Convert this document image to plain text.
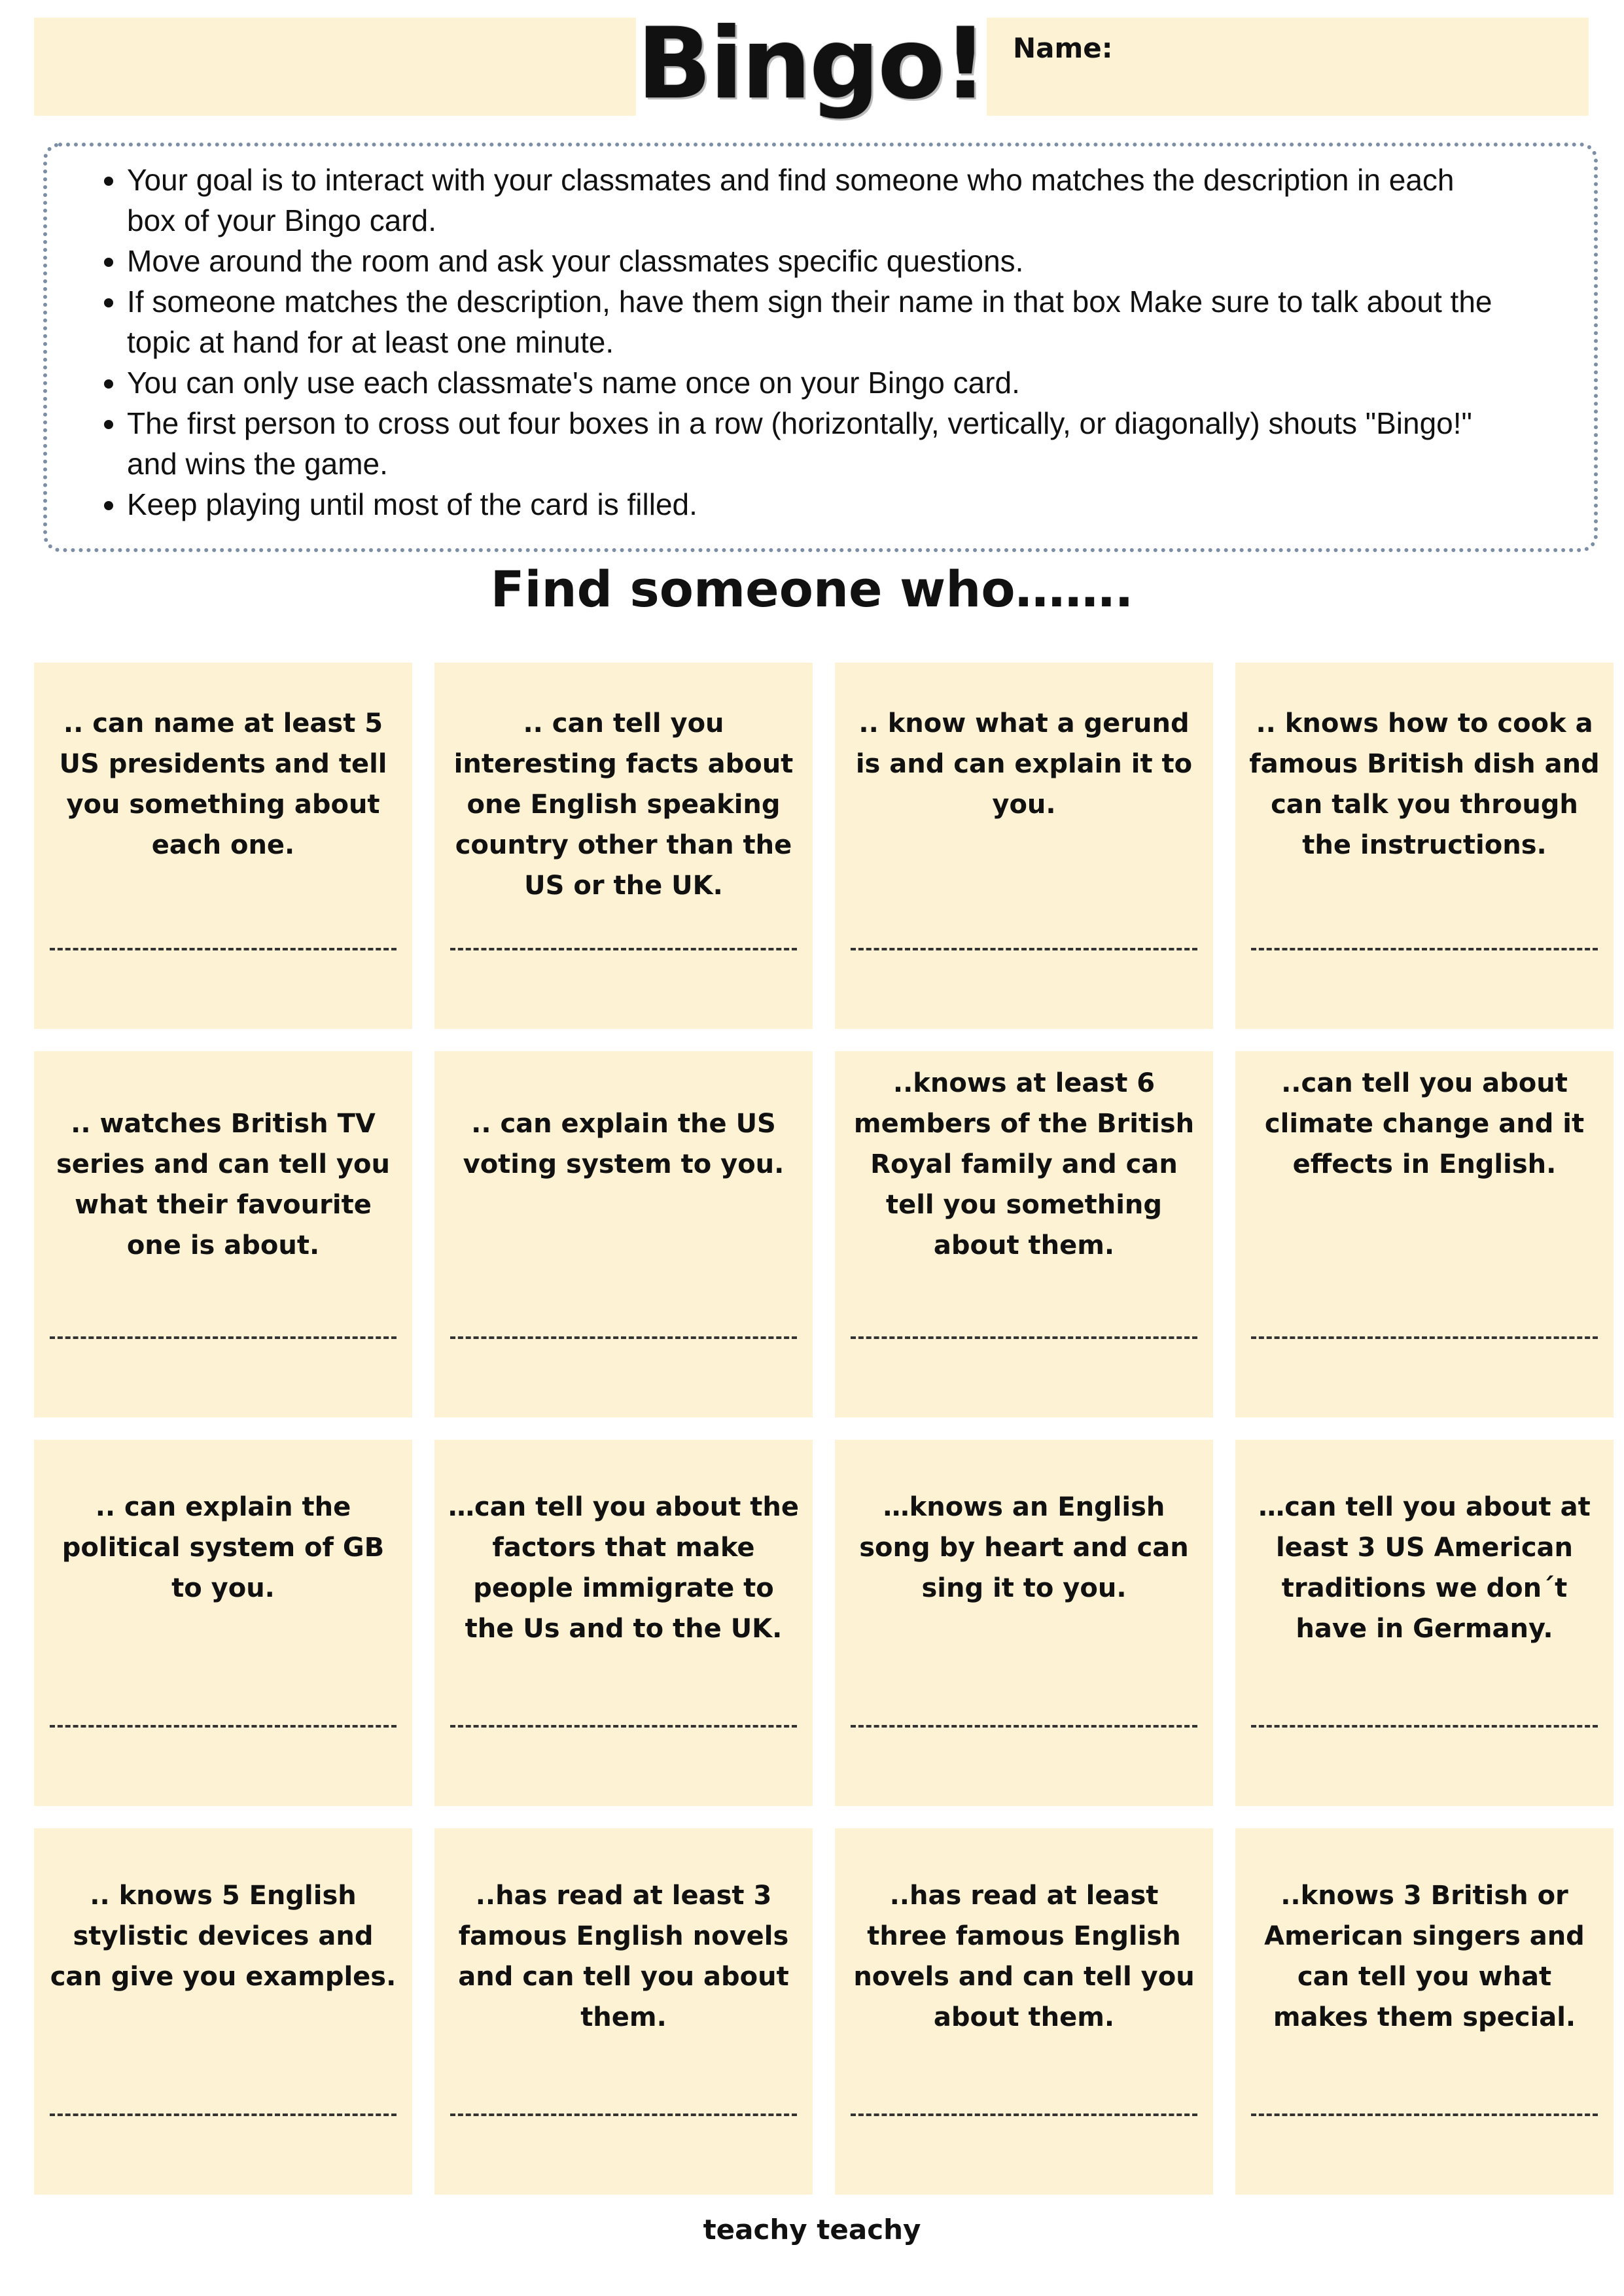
Bingo! Name:
• Your goal is to interact with your classmates and find someone who matches the description in each box of your Bingo card.
• Move around the room and ask your classmates specific questions.
• If someone matches the description, have them sign their name in that box Make sure to talk about the topic at hand for at least one minute.
• You can only use each classmate's name once on your Bingo card.
• The first person to cross out four boxes in a row (horizontally, vertically, or diagonally) shouts "Bingo!" and wins the game.
• Keep playing until most of the card is filled.
Find someone who…….
.. can name at least 5 US presidents and tell you something about each one.
.. can tell you interesting facts about one English speaking country other than the US or the UK.
.. know what a gerund is and can explain it to you.
.. knows how to cook a famous British dish and can talk you through the instructions.
.. watches British TV series and can tell you what their favourite one is about.
.. can explain the US voting system to you.
..knows at least 6 members of the British Royal family and can tell you something about them.
..can tell you about climate change and it effects in English.
.. can explain the political system of GB to you.
…can tell you about the factors that make people immigrate to the Us and to the UK.
…knows an English song by heart and can sing it to you.
…can tell you about at least 3 US American traditions we don´t have in Germany.
.. knows 5 English stylistic devices and can give you examples.
..has read at least 3 famous English novels and can tell you about them.
..has read at least three famous English novels and can tell you about them.
..knows 3 British or American singers and can tell you what makes them special.
teachy teachy
